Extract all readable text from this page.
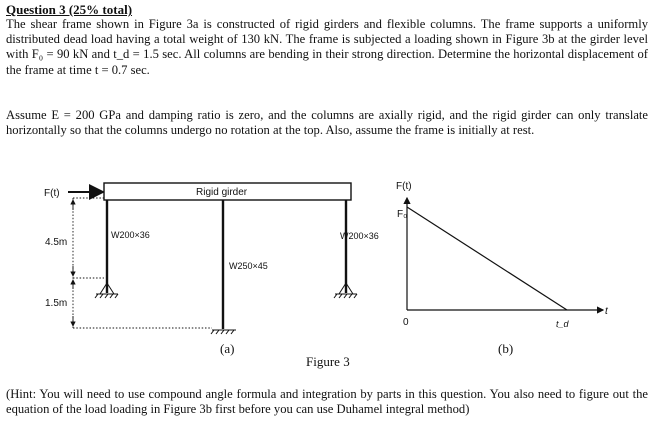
Question 3 (25% total)
The shear frame shown in Figure 3a is constructed of rigid girders and flexible columns. The frame supports a uniformly distributed dead load having a total weight of 130 kN. The frame is subjected a loading shown in Figure 3b at the girder level with F₀ = 90 kN and t_d = 1.5 sec. All columns are bending in their strong direction. Determine the horizontal displacement of the frame at time t = 0.7 sec.
Assume E = 200 GPa and damping ratio is zero, and the columns are axially rigid, and the rigid girder can only translate horizontally so that the columns undergo no rotation at the top. Also, assume the frame is initially at rest.
F(t)	Rigid girder
4.5m
1.5m
W200×36
W250×45
W200×36
(a)
F(t)
F₀
0
t
t_d
(b)
Figure 3
(Hint: You will need to use compound angle formula and integration by parts in this question. You also need to figure out the equation of the load loading in Figure 3b first before you can use Duhamel integral method)
